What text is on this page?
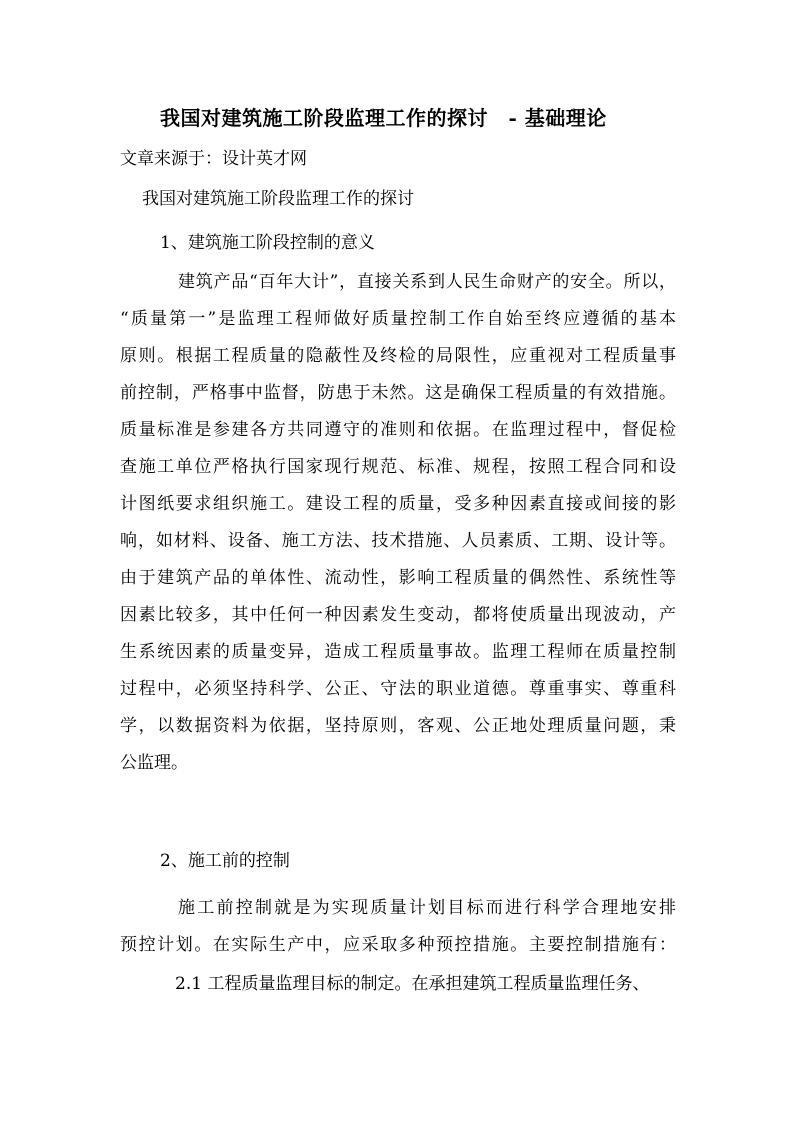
我国对建筑施工阶段监理工作的探讨　- 基础理论
文章来源于：设计英才网
我国对建筑施工阶段监理工作的探讨
1、建筑施工阶段控制的意义
建筑产品“百年大计”，直接关系到人民生命财产的安全。所以，
“质量第一”是监理工程师做好质量控制工作自始至终应遵循的基本
原则。根据工程质量的隐蔽性及终检的局限性，应重视对工程质量事
前控制，严格事中监督，防患于未然。这是确保工程质量的有效措施。
质量标准是参建各方共同遵守的准则和依据。在监理过程中，督促检
查施工单位严格执行国家现行规范、标准、规程，按照工程合同和设
计图纸要求组织施工。建设工程的质量，受多种因素直接或间接的影
响，如材料、设备、施工方法、技术措施、人员素质、工期、设计等。
由于建筑产品的单体性、流动性，影响工程质量的偶然性、系统性等
因素比较多，其中任何一种因素发生变动，都将使质量出现波动，产
生系统因素的质量变异，造成工程质量事故。监理工程师在质量控制
过程中，必须坚持科学、公正、守法的职业道德。尊重事实、尊重科
学，以数据资料为依据，坚持原则，客观、公正地处理质量问题，秉
公监理。
2、施工前的控制
施工前控制就是为实现质量计划目标而进行科学合理地安排
预控计划。在实际生产中，应采取多种预控措施。主要控制措施有：
2.1 工程质量监理目标的制定。在承担建筑工程质量监理任务、
